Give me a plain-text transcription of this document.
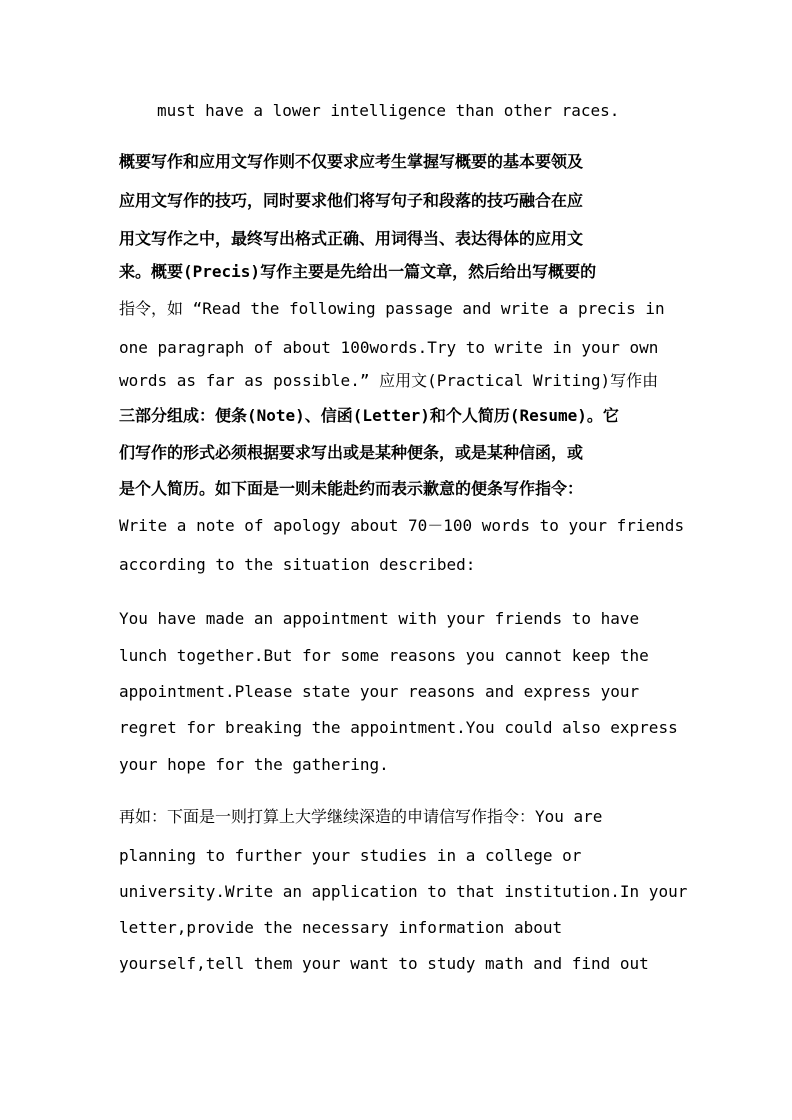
must have a lower intelligence than other races.
概要写作和应用文写作则不仅要求应考生掌握写概要的基本要领及
应用文写作的技巧，同时要求他们将写句子和段落的技巧融合在应
用文写作之中，最终写出格式正确、用词得当、表达得体的应用文
来。概要(Precis)写作主要是先给出一篇文章，然后给出写概要的
指令，如 “Read the following passage and write a precis in
one paragraph of about 100words.Try to write in your own
words as far as possible.” 应用文(Practical Writing)写作由
三部分组成：便条(Note)、信函(Letter)和个人简历(Resume)。它
们写作的形式必须根据要求写出或是某种便条，或是某种信函，或
是个人简历。如下面是一则未能赴约而表示歉意的便条写作指令：
Write a note of apology about 70－100 words to your friends
according to the situation described:
You have made an appointment with your friends to have
lunch together.But for some reasons you cannot keep the
appointment.Please state your reasons and express your
regret for breaking the appointment.You could also express
your hope for the gathering.
再如：下面是一则打算上大学继续深造的申请信写作指令：You are
planning to further your studies in a college or
university.Write an application to that institution.In your
letter,provide the necessary information about
yourself,tell them your want to study math and find out
